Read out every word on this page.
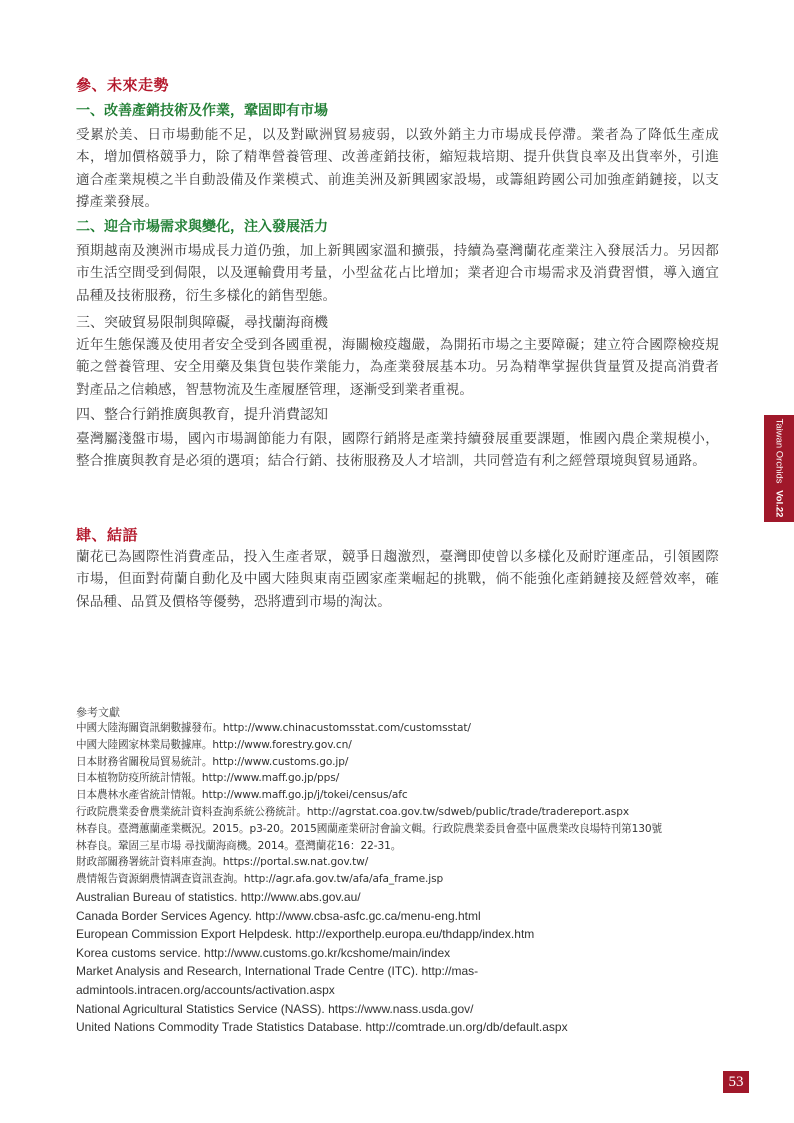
參、未來走勢
一、改善產銷技術及作業，鞏固即有市場

受累於美、日市場動能不足，以及對歐洲貿易疲弱，以致外銷主力市場成長停滯。業者為了降低生產成本，增加價格競爭力，除了精準營養管理、改善產銷技術，縮短栽培期、提升供貨良率及出貨率外，引進適合產業規模之半自動設備及作業模式、前進美洲及新興國家設場，或籌組跨國公司加強產銷鏈接，以支撐產業發展。

二、迎合市場需求與變化，注入發展活力

預期越南及澳洲市場成長力道仍強，加上新興國家溫和擴張，持續為臺灣蘭花產業注入發展活力。另因都市生活空間受到侷限，以及運輸費用考量，小型盆花占比增加；業者迎合市場需求及消費習慣，導入適宜品種及技術服務，衍生多樣化的銷售型態。

三、突破貿易限制與障礙，尋找蘭海商機

近年生態保護及使用者安全受到各國重視，海關檢疫趨嚴，為開拓市場之主要障礙；建立符合國際檢疫規範之營養管理、安全用藥及集貨包裝作業能力，為產業發展基本功。另為精準掌握供貨量質及提高消費者對產品之信賴感，智慧物流及生產履歷管理，逐漸受到業者重視。

四、整合行銷推廣與教育，提升消費認知

臺灣屬淺盤市場，國內市場調節能力有限，國際行銷將是產業持續發展重要課題，惟國內農企業規模小，整合推廣與教育是必須的選項；結合行銷、技術服務及人才培訓，共同營造有利之經營環境與貿易通路。

肆、結語

蘭花已為國際性消費產品，投入生產者眾，競爭日趨激烈，臺灣即使曾以多樣化及耐貯運產品，引領國際市場，但面對荷蘭自動化及中國大陸與東南亞國家產業崛起的挑戰，倘不能強化產銷鏈接及經營效率，確保品種、品質及價格等優勢，恐將遭到市場的淘汰。

參考文獻
中國大陸海關資訊網數據發布。http://www.chinacustomsstat.com/customsstat/
中國大陸國家林業局數據庫。http://www.forestry.gov.cn/
日本財務省關稅局貿易統計。http://www.customs.go.jp/
日本植物防疫所統計情報。http://www.maff.go.jp/pps/
日本農林水產省統計情報。http://www.maff.go.jp/j/tokei/census/afc
行政院農業委會農業統計資料查詢系統公務統計。http://agrstat.coa.gov.tw/sdweb/public/trade/tradereport.aspx
林春良。臺灣蕙蘭產業概況。2015。p3-20。2015國蘭產業研討會論文輯。行政院農業委員會臺中區農業改良場特刊第130號
林春良。鞏固三星市場 尋找蘭海商機。2014。臺灣蘭花16：22-31。
財政部關務署統計資料庫查詢。https://portal.sw.nat.gov.tw/
農情報告資源網農情調查資訊查詢。http://agr.afa.gov.tw/afa/afa_frame.jsp
Australian Bureau of statistics. http://www.abs.gov.au/
Canada Border Services Agency. http://www.cbsa-asfc.gc.ca/menu-eng.html
European Commission Export Helpdesk. http://exporthelp.europa.eu/thdapp/index.htm
Korea customs service. http://www.customs.go.kr/kcshome/main/index
Market Analysis and Research, International Trade Centre (ITC). http://mas-admintools.intracen.org/accounts/activation.aspx
National Agricultural Statistics Service (NASS). https://www.nass.usda.gov/
United Nations Commodity Trade Statistics Database. http://comtrade.un.org/db/default.aspx
Taiwan Orchids Vol.22
53
